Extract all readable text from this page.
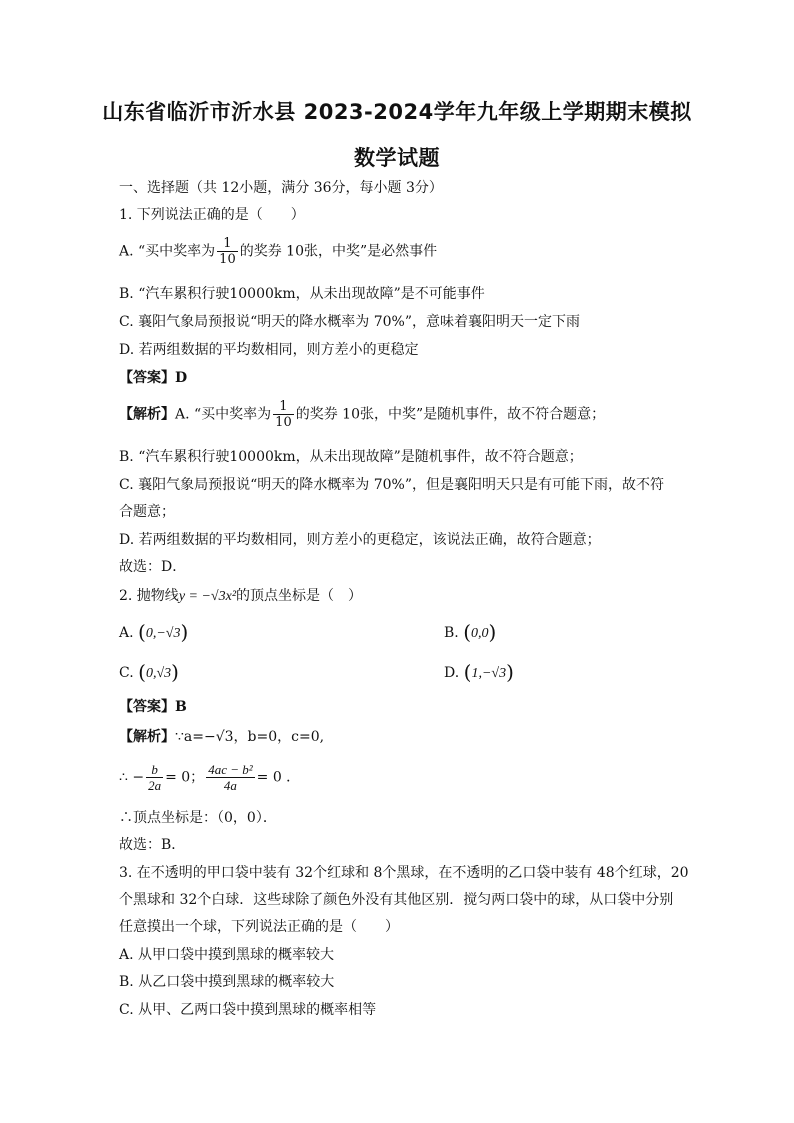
山东省临沂市沂水县 2023-2024学年九年级上学期期末模拟
数学试题
一、选择题（共 12小题，满分 36分，每小题 3分）
1. 下列说法正确的是（　　）
A. “买中奖率为 $\frac{1}{10}$ 的奖券 10张，中奖”是必然事件
B. “汽车累积行驶10000km，从未出现故障”是不可能事件
C. 襄阳气象局预报说“明天的降水概率为 70%”，意味着襄阳明天一定下雨
D. 若两组数据的平均数相同，则方差小的更稳定
【答案】D
【解析】A. “买中奖率为 $\frac{1}{10}$ 的奖券 10张，中奖”是随机事件，故不符合题意；
B. “汽车累积行驶10000km，从未出现故障”是随机事件，故不符合题意；
C. 襄阳气象局预报说“明天的降水概率为 70%”，但是襄阳明天只是有可能下雨，故不符
合题意；
D. 若两组数据的平均数相同，则方差小的更稳定，该说法正确，故符合题意；
故选：D．
2. 抛物线y = −√3x²的顶点坐标是（　）
A. (0,−√3)	B. (0,0)
C. (0,√3)	D. (1,−√3)
【答案】B
【解析】∵a=−√3，b=0，c=0,
∴ − $\frac{b}{2a} = 0$； $\frac{\text{4ac − b²}}{4a} = 0$ ．
∴顶点坐标是：（0，0）．
故选：B．
3. 在不透明的甲口袋中装有 32个红球和 8个黑球，在不透明的乙口袋中装有 48个红球，20
个黑球和 32个白球．这些球除了颜色外没有其他区别．搅匀两口袋中的球，从口袋中分别
任意摸出一个球，下列说法正确的是（　　）
A. 从甲口袋中摸到黑球的概率较大
B. 从乙口袋中摸到黑球的概率较大
C. 从甲、乙两口袋中摸到黑球的概率相等
